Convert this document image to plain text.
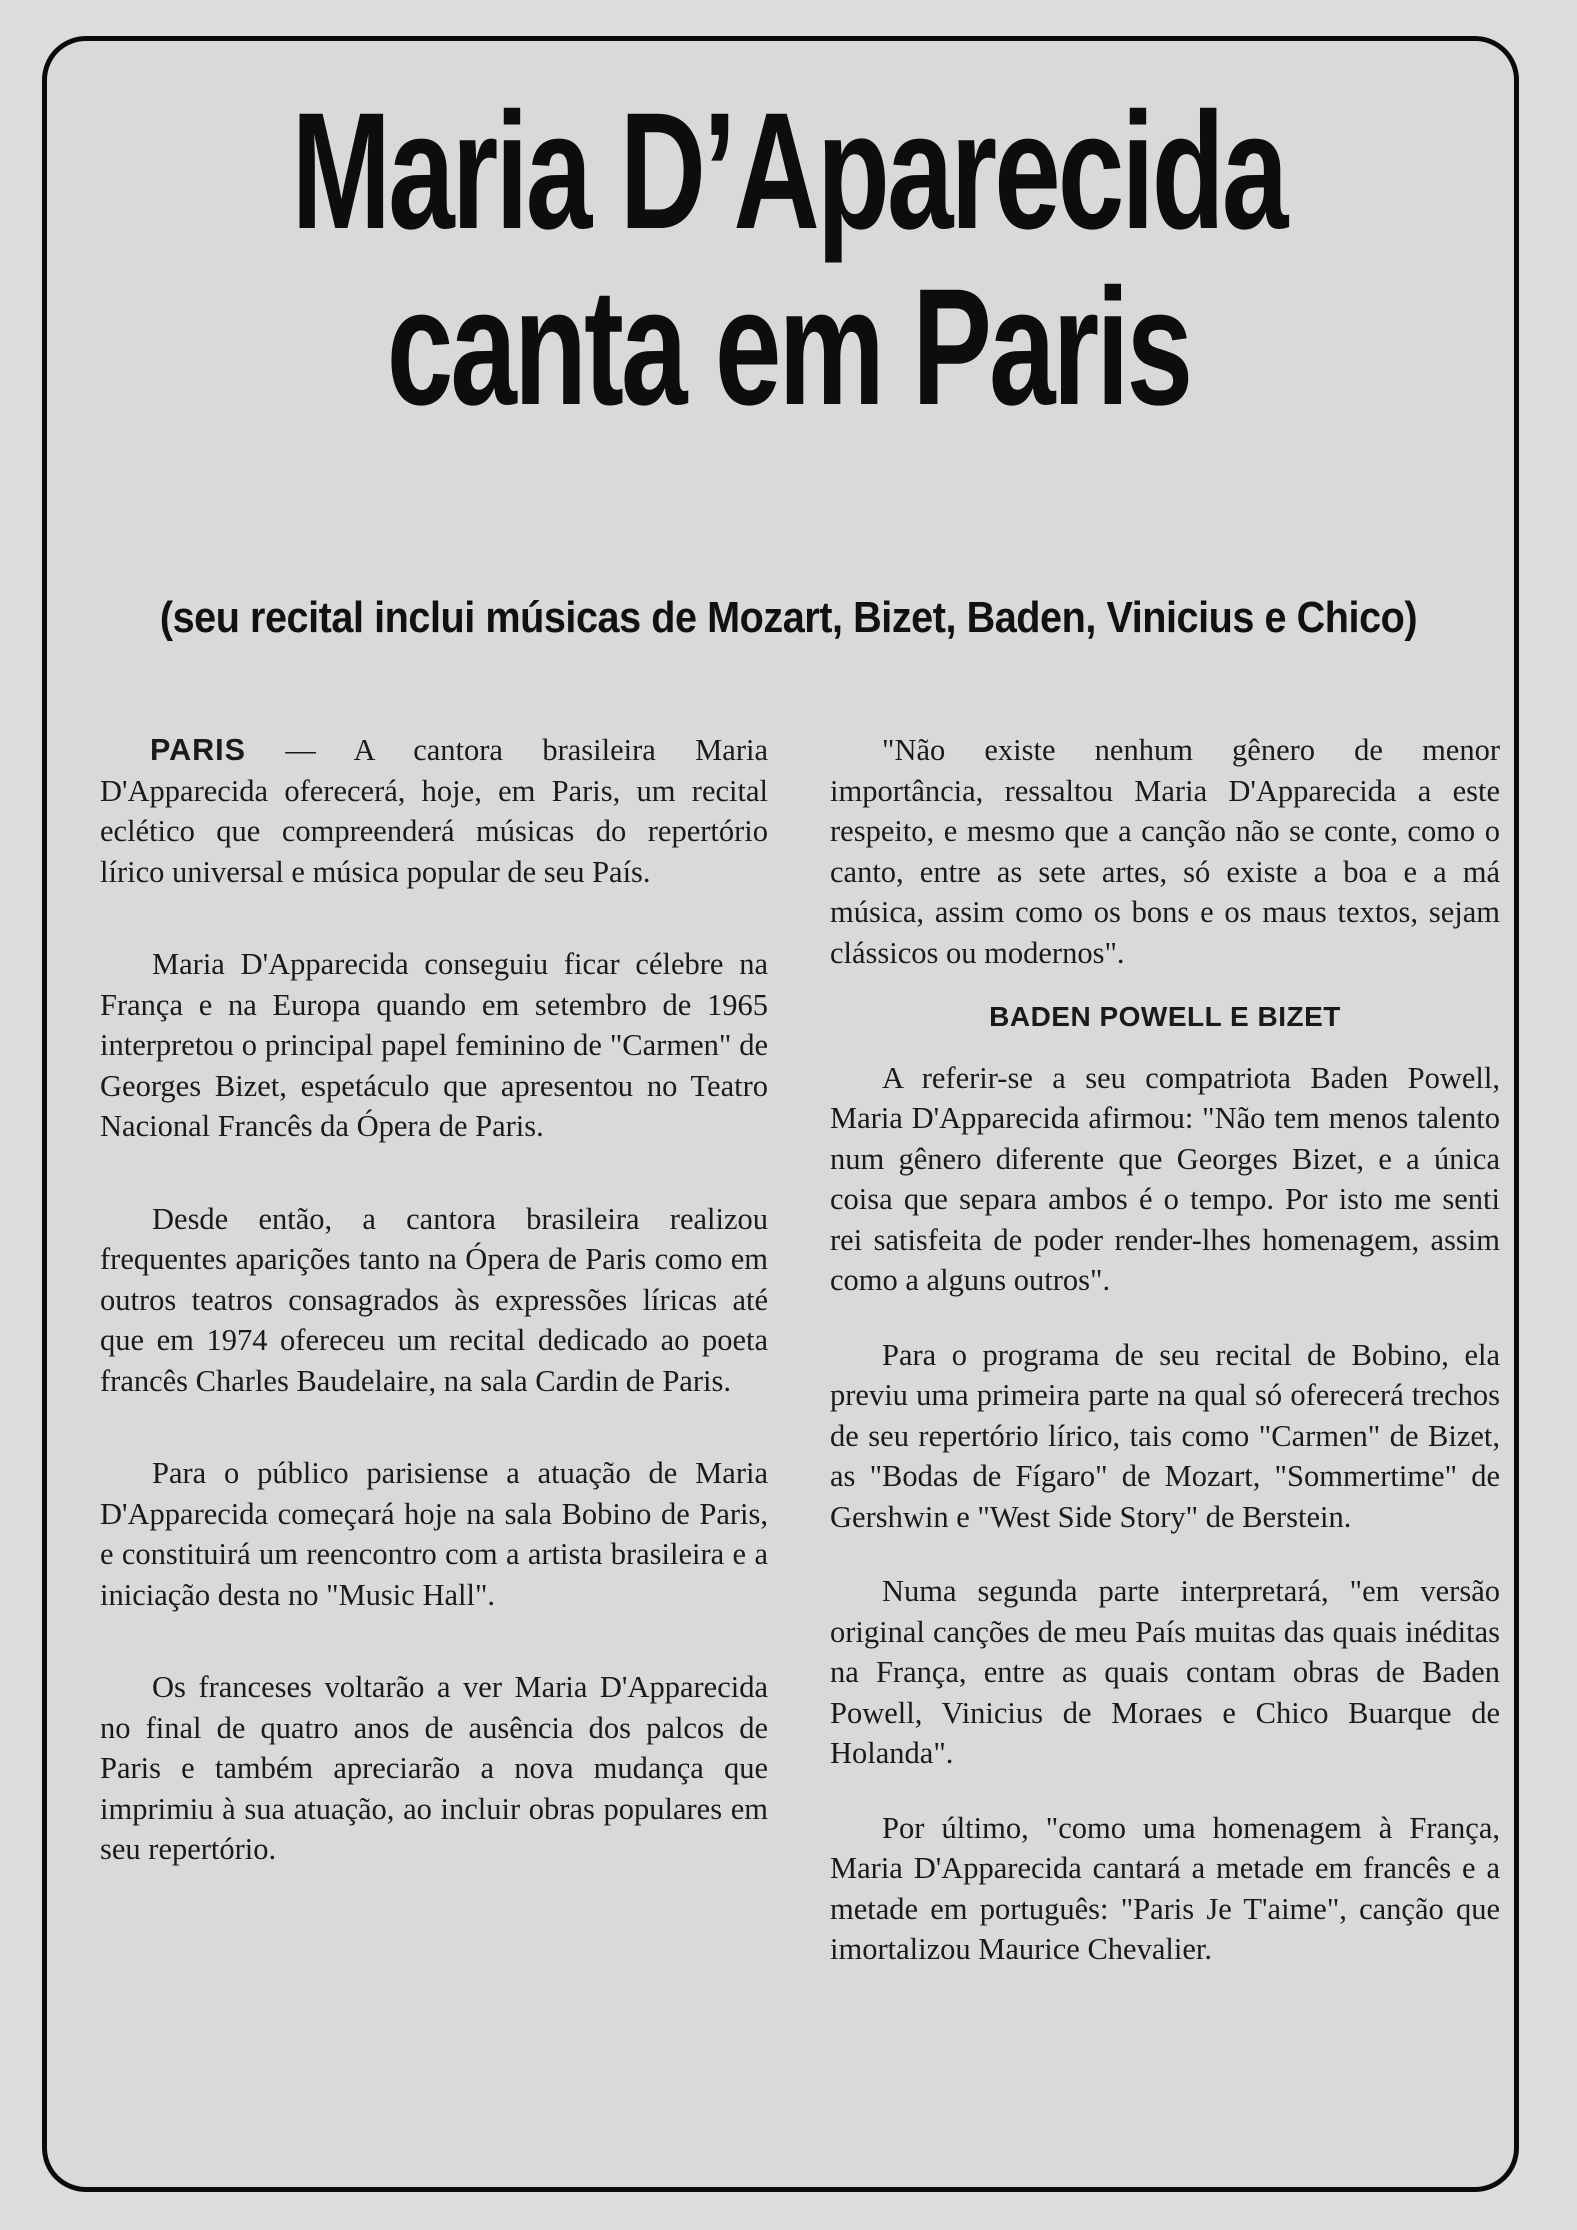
Maria D’Aparecida
canta em Paris
(seu recital inclui músicas de Mozart, Bizet, Baden, Vinicius e Chico)

PARIS — A cantora brasileira Maria D'Apparecida oferecerá, hoje, em Paris, um recital eclético que compreenderá músicas do repertório lírico universal e música popular de seu País.

Maria D'Apparecida conseguiu ficar célebre na França e na Europa quando em setembro de 1965 interpretou o principal papel feminino de "Carmen" de Georges Bizet, espetáculo que apresentou no Teatro Nacional Francês da Ópera de Paris.

Desde então, a cantora brasileira realizou frequentes aparições tanto na Ópera de Paris como em outros teatros consagrados às expressões líricas até que em 1974 ofereceu um recital dedicado ao poeta francês Charles Baudelaire, na sala Cardin de Paris.

Para o público parisiense a atuação de Maria D'Apparecida começará hoje na sala Bobino de Paris, e constituirá um reencontro com a artista brasileira e a iniciação desta no "Music Hall".

Os franceses voltarão a ver Maria D'Apparecida no final de quatro anos de ausência dos palcos de Paris e também apreciarão a nova mudança que imprimiu à sua atuação, ao incluir obras populares em seu repertório.

"Não existe nenhum gênero de menor importância, ressaltou Maria D'Apparecida a este respeito, e mesmo que a canção não se conte, como o canto, entre as sete artes, só existe a boa e a má música, assim como os bons e os maus textos, sejam clássicos ou modernos".

BADEN POWELL E BIZET

A referir-se a seu compatriota Baden Powell, Maria D'Apparecida afirmou: "Não tem menos talento num gênero diferente que Georges Bizet, e a única coisa que separa ambos é o tempo. Por isto me senti rei satisfeita de poder render-lhes homenagem, assim como a alguns outros".

Para o programa de seu recital de Bobino, ela previu uma primeira parte na qual só oferecerá trechos de seu repertório lírico, tais como "Carmen" de Bizet, as "Bodas de Fígaro" de Mozart, "Sommertime" de Gershwin e "West Side Story" de Berstein.

Numa segunda parte interpretará, "em versão original canções de meu País muitas das quais inéditas na França, entre as quais contam obras de Baden Powell, Vinicius de Moraes e Chico Buarque de Holanda".

Por último, "como uma homenagem à França, Maria D'Apparecida cantará a metade em francês e a metade em português: "Paris Je T'aime", canção que imortalizou Maurice Chevalier.
